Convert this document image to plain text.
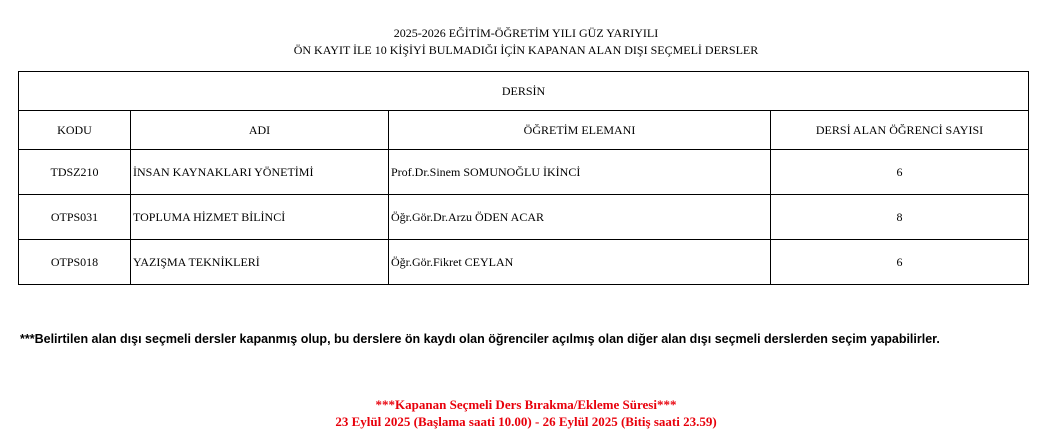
2025-2026 EĞİTİM-ÖĞRETİM YILI GÜZ YARIYILI
ÖN KAYIT İLE 10 KİŞİYİ BULMADIĞI İÇİN KAPANAN ALAN DIŞI SEÇMELİ DERSLER
DERSİN			
KODU	ADI	ÖĞRETİM ELEMANI	DERSİ ALAN ÖĞRENCİ SAYISI
TDSZ210	İNSAN KAYNAKLARI YÖNETİMİ	Prof.Dr.Sinem SOMUNOĞLU İKİNCİ	6
OTPS031	TOPLUMA HİZMET BİLİNCİ	Öğr.Gör.Dr.Arzu ÖDEN ACAR	8
OTPS018	YAZIŞMA TEKNİKLERİ	Öğr.Gör.Fikret CEYLAN	6
***Belirtilen alan dışı seçmeli dersler kapanmış olup, bu derslere ön kaydı olan öğrenciler açılmış olan diğer alan dışı seçmeli derslerden seçim yapabilirler.
***Kapanan Seçmeli Ders Bırakma/Ekleme Süresi***
23 Eylül 2025 (Başlama saati 10.00) - 26 Eylül 2025 (Bitiş saati 23.59)
